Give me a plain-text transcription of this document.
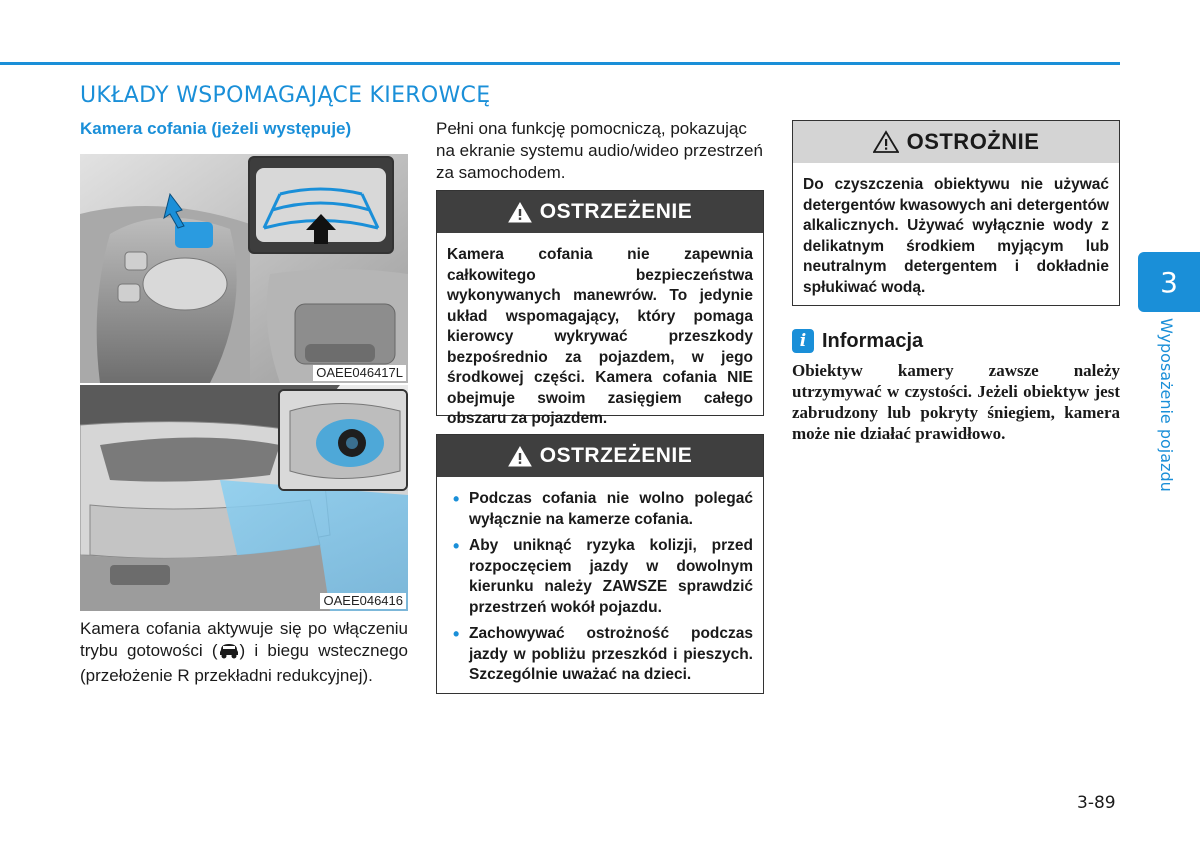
UKŁADY WSPOMAGAJĄCE KIEROWCĘ
Kamera cofania (jeżeli występuje)
OAEE046417L
OAEE046416
Kamera cofania aktywuje się po włączeniu trybu gotowości ( ) i biegu wstecznego (przełożenie R przekładni redukcyjnej).
Pełni ona funkcję pomocniczą, pokazując na ekranie systemu audio/wideo przestrzeń za samochodem.
OSTRZEŻENIE
Kamera cofania nie zapewnia całkowitego bezpieczeństwa wykonywanych manewrów. To jedynie układ wspomagający, który pomaga kierowcy wykrywać przeszkody bezpośrednio za pojazdem, w jego środkowej części. Kamera cofania NIE obejmuje swoim zasięgiem całego obszaru za pojazdem.
OSTRZEŻENIE
• Podczas cofania nie wolno polegać wyłącznie na kamerze cofania.
• Aby uniknąć ryzyka kolizji, przed rozpoczęciem jazdy w dowolnym kierunku należy ZAWSZE sprawdzić przestrzeń wokół pojazdu.
• Zachowywać ostrożność podczas jazdy w pobliżu przeszkód i pieszych. Szczególnie uważać na dzieci.
OSTROŻNIE
Do czyszczenia obiektywu nie używać detergentów kwasowych ani detergentów alkalicznych. Używać wyłącznie wody z delikatnym środkiem myjącym lub neutralnym detergentem i dokładnie spłukiwać wodą.
i Informacja
Obiektyw kamery zawsze należy utrzymywać w czystości. Jeżeli obiektyw jest zabrudzony lub pokryty śniegiem, kamera może nie działać prawidłowo.
3
Wyposażenie pojazdu
3-89
